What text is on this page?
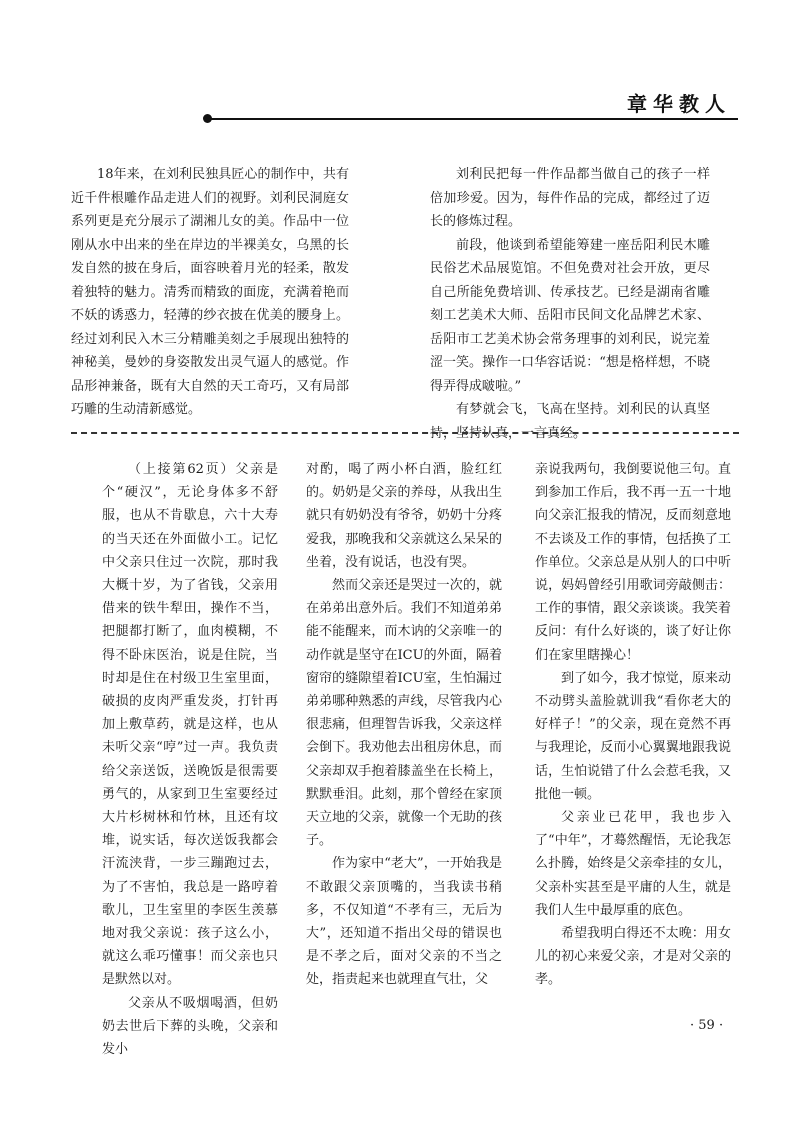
章华教人

18年来，在刘利民独具匠心的制作中，共有近千件根雕作品走进人们的视野。刘利民洞庭女系列更是充分展示了湖湘儿女的美。作品中一位刚从水中出来的坐在岸边的半裸美女，乌黑的长发自然的披在身后，面容映着月光的轻柔，散发着独特的魅力。清秀而精致的面庞，充满着艳而不妖的诱惑力，轻薄的纱衣披在优美的腰身上。经过刘利民入木三分精雕美刻之手展现出独特的神秘美，曼妙的身姿散发出灵气逼人的感觉。作品形神兼备，既有大自然的天工奇巧，又有局部巧雕的生动清新感觉。

刘利民把每一件作品都当做自己的孩子一样倍加珍爱。因为，每件作品的完成，都经过了迈长的修炼过程。

前段，他谈到希望能筹建一座岳阳利民木雕民俗艺术品展览馆。不但免费对社会开放，更尽自己所能免费培训、传承技艺。已经是湖南省雕刻工艺美术大师、岳阳市民间文化品牌艺术家、岳阳市工艺美术协会常务理事的刘利民，说完羞涩一笑。操作一口华容话说：“想是格样想，不晓得弄得成啵啦。”

有梦就会飞，飞高在坚持。刘利民的认真坚持，坚持认真，一言真经。

（上接第62页）父亲是个“硬汉”，无论身体多不舒服，也从不肯歇息，六十大寿的当天还在外面做小工。记忆中父亲只住过一次院，那时我大概十岁，为了省钱，父亲用借来的铁牛犁田，操作不当，把腿都打断了，血肉模糊，不得不卧床医治，说是住院，当时却是住在村级卫生室里面，破损的皮肉严重发炎，打针再加上敷草药，就是这样，也从未听父亲“哼”过一声。我负责给父亲送饭，送晚饭是很需要勇气的，从家到卫生室要经过大片杉树林和竹林，且还有坟堆，说实话，每次送饭我都会汗流浃背，一步三蹦跑过去，为了不害怕，我总是一路哼着歌儿，卫生室里的李医生羡慕地对我父亲说：孩子这么小，就这么乖巧懂事！而父亲也只是默然以对。

父亲从不吸烟喝酒，但奶奶去世后下葬的头晚，父亲和发小

对酌，喝了两小杯白酒，脸红红的。奶奶是父亲的养母，从我出生就只有奶奶没有爷爷，奶奶十分疼爱我，那晚我和父亲就这么呆呆的坐着，没有说话，也没有哭。

然而父亲还是哭过一次的，就在弟弟出意外后。我们不知道弟弟能不能醒来，而木讷的父亲唯一的动作就是坚守在ICU的外面，隔着窗帘的缝隙望着ICU室，生怕漏过弟弟哪种熟悉的声线，尽管我内心很悲痛，但理智告诉我，父亲这样会倒下。我劝他去出租房休息，而父亲却双手抱着膝盖坐在长椅上，默默垂泪。此刻，那个曾经在家顶天立地的父亲，就像一个无助的孩子。

作为家中“老大”，一开始我是不敢跟父亲顶嘴的，当我读书稍多，不仅知道“不孝有三，无后为大”，还知道不指出父母的错误也是不孝之后，面对父亲的不当之处，指责起来也就理直气壮，父

亲说我两句，我倒要说他三句。直到参加工作后，我不再一五一十地向父亲汇报我的情况，反而刻意地不去谈及工作的事情，包括换了工作单位。父亲总是从别人的口中听说，妈妈曾经引用歌词旁敲侧击：工作的事情，跟父亲谈谈。我笑着反问：有什么好谈的，谈了好让你们在家里瞎操心！

到了如今，我才惊觉，原来动不动劈头盖脸就训我“看你老大的好样子！”的父亲，现在竟然不再与我理论，反而小心翼翼地跟我说话，生怕说错了什么会惹毛我，又批他一顿。

父亲业已花甲，我也步入了“中年”，才蓦然醒悟，无论我怎么扑腾，始终是父亲牵挂的女儿，父亲朴实甚至是平庸的人生，就是我们人生中最厚重的底色。

希望我明白得还不太晚：用女儿的初心来爱父亲，才是对父亲的孝。

· 59 ·
